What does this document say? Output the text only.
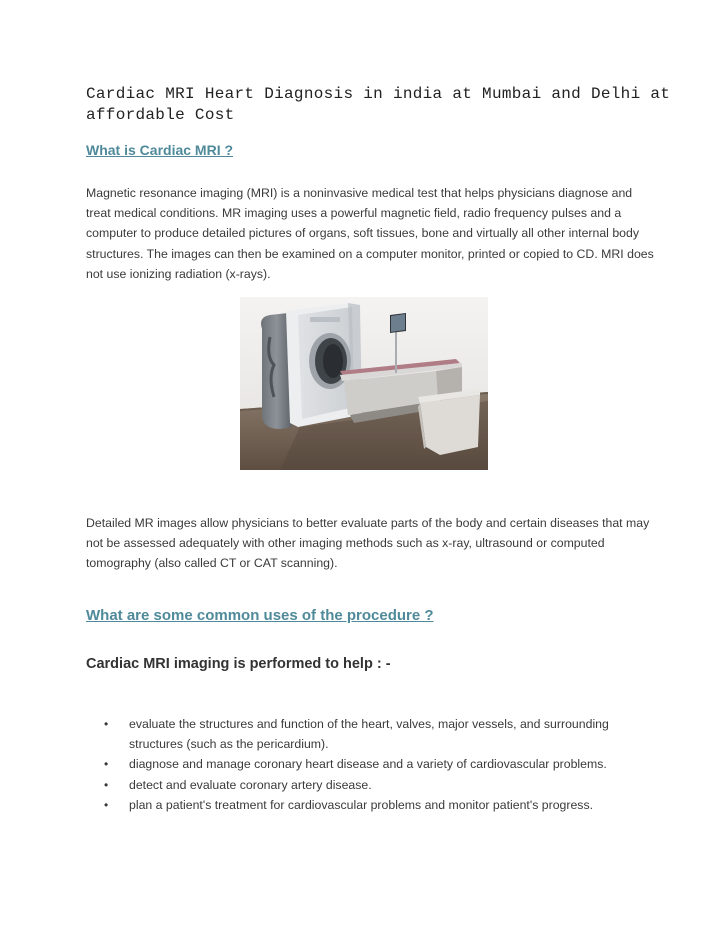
Cardiac MRI Heart Diagnosis in india at Mumbai and Delhi at affordable Cost
What is Cardiac MRI ?

Magnetic resonance imaging (MRI) is a noninvasive medical test that helps physicians diagnose and treat medical conditions. MR imaging uses a powerful magnetic field, radio frequency pulses and a computer to produce detailed pictures of organs, soft tissues, bone and virtually all other internal body structures. The images can then be examined on a computer monitor, printed or copied to CD. MRI does not use ionizing radiation (x-rays).

Detailed MR images allow physicians to better evaluate parts of the body and certain diseases that may not be assessed adequately with other imaging methods such as x-ray, ultrasound or computed tomography (also called CT or CAT scanning).

What are some common uses of the procedure ?
Cardiac MRI imaging is performed to help : -
• evaluate the structures and function of the heart, valves, major vessels, and surrounding structures (such as the pericardium).
• diagnose and manage coronary heart disease and a variety of cardiovascular problems.
• detect and evaluate coronary artery disease.
• plan a patient's treatment for cardiovascular problems and monitor patient's progress.
